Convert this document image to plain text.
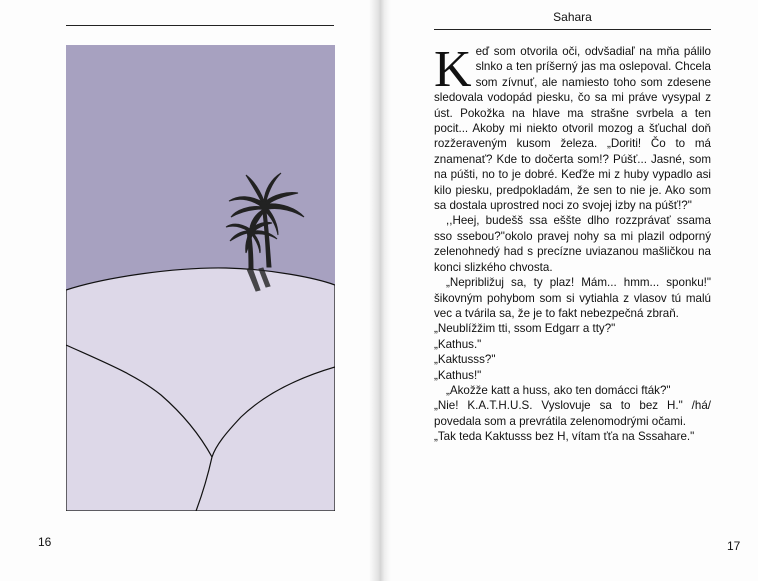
Sahara
16	17

Keď som otvorila oči, odvšadiaľ na mňa pálilo slnko a ten príšerný jas ma oslepoval. Chcela som zívnuť, ale namiesto toho som zdesene sledovala vodopád piesku, čo sa mi práve vysypal z úst. Pokožka na hlave ma strašne svrbela a ten pocit... Akoby mi niekto otvoril mozog a šťuchal doň rozžeraveným kusom železa. „Doriti! Čo to má znamenať? Kde to dočerta som!? Púšť... Jasné, som na púšti, no to je dobré. Keďže mi z huby vypadlo asi kilo piesku, predpokladám, že sen to nie je. Ako som sa dostala uprostred noci zo svojej izby na púšť!?"

,,Heej, budešš ssa eššte dlho rozzprávať ssama sso ssebou?"okolo pravej nohy sa mi plazil odporný zelenohnedý had s precízne uviazanou mašličkou na konci slizkého chvosta.

„Nepribližuj sa, ty plaz! Mám... hmm... sponku!" šikovným pohybom som si vytiahla z vlasov tú malú vec a tvárila sa, že je to fakt nebezpečná zbraň.

„Neublížžim tti, ssom Edgarr a tty?"

„Kathus."

„Kaktusss?"

„Kathus!"

„Akožže katt a huss, ako ten domácci fták?"

„Nie! K.A.T.H.U.S. Vyslovuje sa to bez H." /há/ povedala som a prevrátila zelenomodrými očami.

„Tak teda Kaktusss bez H, vítam ťťa na Sssahare."
